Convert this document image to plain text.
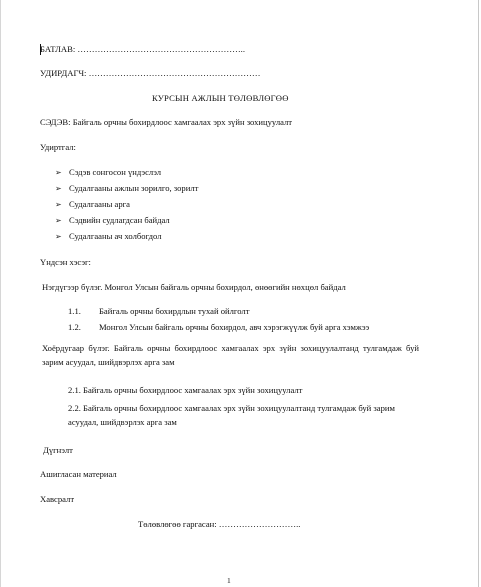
БАТЛАВ: …………………………………………………..
УДИРДАГЧ: ……………………………………………………
КУРСЫН АЖЛЫН ТӨЛӨВЛӨГӨӨ
СЭДЭВ: Байгаль орчны бохирдлоос хамгаалах эрх зүйн зохицуулалт
Удиртгал:
➢ Сэдэв сонгосон үндэслэл
➢ Судалгааны ажлын зорилго, зорилт
➢ Судалгааны арга
➢ Сэдвийн судлагдсан байдал
➢ Судалгааны ач холбогдол
Үндсэн хэсэг:
Нэгдүгээр бүлэг. Монгол Улсын байгаль орчны бохирдол, өнөөгийн нөхцөл байдал
1.1. Байгаль орчны бохирдлын тухай ойлголт
1.2. Монгол Улсын байгаль орчны бохирдол, авч хэрэгжүүлж буй арга хэмжээ
Хоёрдугаар бүлэг. Байгаль орчны бохирдлоос хамгаалах эрх зүйн зохицуулалтанд тулгамдаж буй зарим асуудал, шийдвэрлэх арга зам
2.1. Байгаль орчны бохирдлоос хамгаалах эрх зүйн зохицуулалт
2.2. Байгаль орчны бохирдлоос хамгаалах эрх зүйн зохицуулалтанд тулгамдаж буй зарим асуудал, шийдвэрлэх арга зам
Дүгнэлт
Ашигласан материал
Хавсралт
Төлөвлөгөө гаргасан: ………………………..
1
